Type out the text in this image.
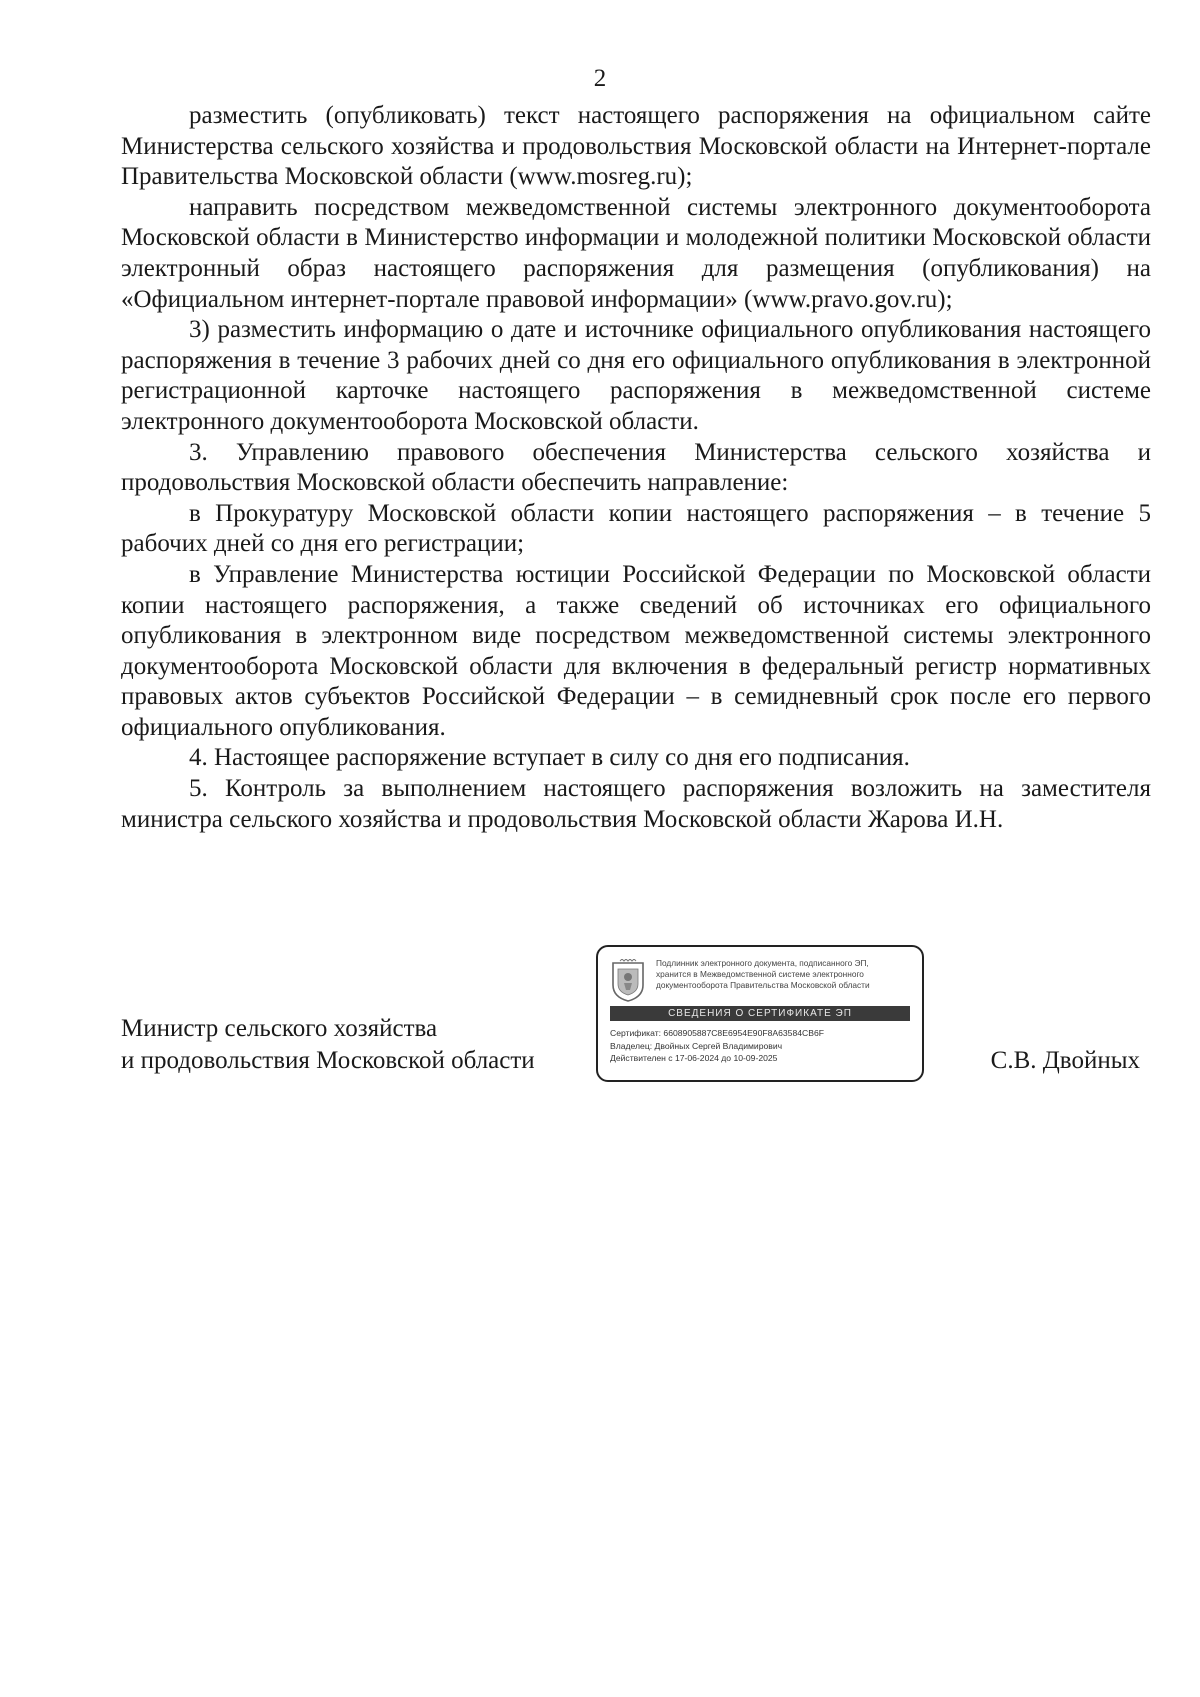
2

разместить (опубликовать) текст настоящего распоряжения на официальном сайте Министерства сельского хозяйства и продовольствия Московской области на Интернет-портале Правительства Московской области (www.mosreg.ru);

направить посредством межведомственной системы электронного документооборота Московской области в Министерство информации и молодежной политики Московской области электронный образ настоящего распоряжения для размещения (опубликования) на «Официальном интернет-портале правовой информации» (www.pravo.gov.ru);

3) разместить информацию о дате и источнике официального опубликования настоящего распоряжения в течение 3 рабочих дней со дня его официального опубликования в электронной регистрационной карточке настоящего распоряжения в межведомственной системе электронного документооборота Московской области.

3. Управлению правового обеспечения Министерства сельского хозяйства и продовольствия Московской области обеспечить направление:

в Прокуратуру Московской области копии настоящего распоряжения – в течение 5 рабочих дней со дня его регистрации;

в Управление Министерства юстиции Российской Федерации по Московской области копии настоящего распоряжения, а также сведений об источниках его официального опубликования в электронном виде посредством межведомственной системы электронного документооборота Московской области для включения в федеральный регистр нормативных правовых актов субъектов Российской Федерации – в семидневный срок после его первого официального опубликования.

4. Настоящее распоряжение вступает в силу со дня его подписания.

5. Контроль за выполнением настоящего распоряжения возложить на заместителя министра сельского хозяйства и продовольствия Московской области Жарова И.Н.

Министр сельского хозяйства
и продовольствия Московской области
Подлинник электронного документа, подписанного ЭП,
хранится в Межведомственной системе электронного
документооборота Правительства Московской области
СВЕДЕНИЯ О СЕРТИФИКАТЕ ЭП
Сертификат: 6608905887C8E6954E90F8A63584CB6F
Владелец: Двойных Сергей Владимирович
Действителен с 17-06-2024 до 10-09-2025	С.В. Двойных
